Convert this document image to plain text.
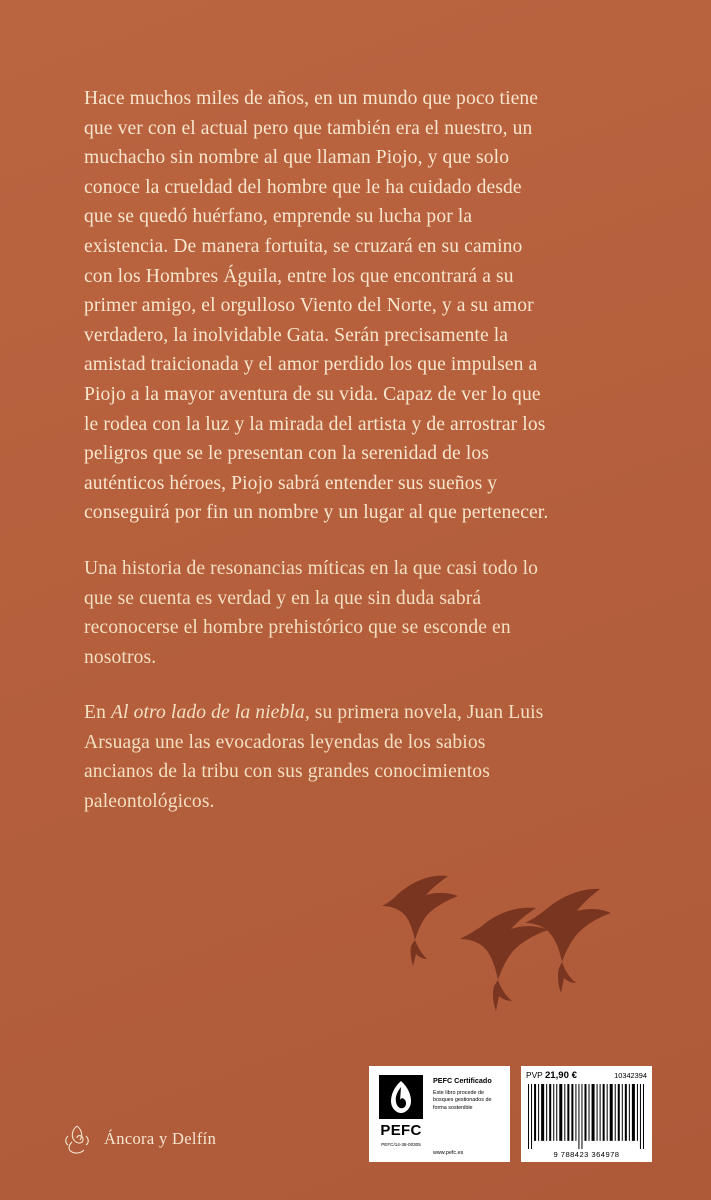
Hace muchos miles de años, en un mundo que poco tiene que ver con el actual pero que también era el nuestro, un muchacho sin nombre al que llaman Piojo, y que solo conoce la crueldad del hombre que le ha cuidado desde que se quedó huérfano, emprende su lucha por la existencia. De manera fortuita, se cruzará en su camino con los Hombres Águila, entre los que encontrará a su primer amigo, el orgulloso Viento del Norte, y a su amor verdadero, la inolvidable Gata. Serán precisamente la amistad traicionada y el amor perdido los que impulsen a Piojo a la mayor aventura de su vida. Capaz de ver lo que le rodea con la luz y la mirada del artista y de arrostrar los peligros que se le presentan con la serenidad de los auténticos héroes, Piojo sabrá entender sus sueños y conseguirá por fin un nombre y un lugar al que pertenecer.

Una historia de resonancias míticas en la que casi todo lo que se cuenta es verdad y en la que sin duda sabrá reconocerse el hombre prehistórico que se esconde en nosotros.

En Al otro lado de la niebla, su primera novela, Juan Luis Arsuaga une las evocadoras leyendas de los sabios ancianos de la tribu con sus grandes conocimientos paleontológicos.

Áncora y Delfín	PEFC
PEFC/14-38-00305
PEFC Certificado
Este libro procede de bosques gestionados de forma sostenible
www.pefc.es
PVP 21,90 €	10342394
9 788423 364978
